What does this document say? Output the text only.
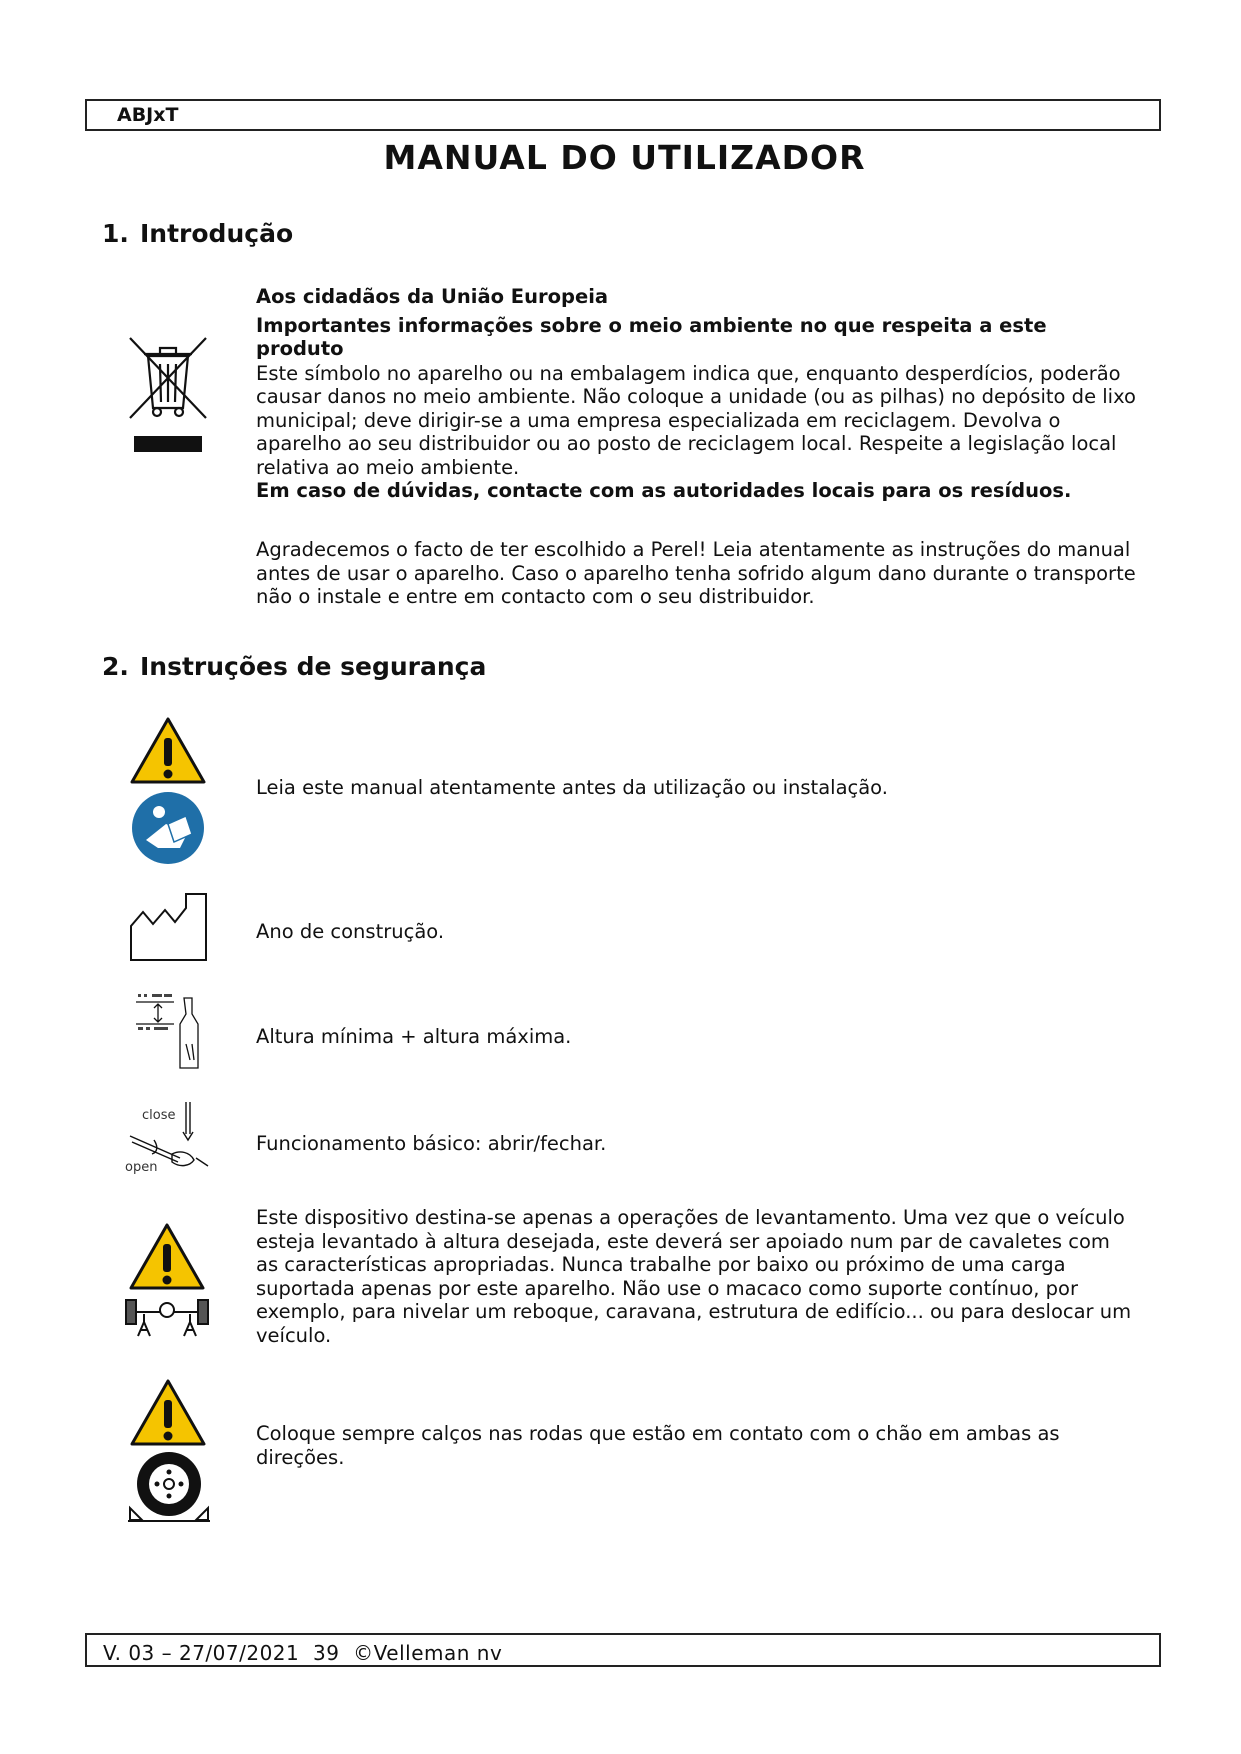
ABJxT
MANUAL DO UTILIZADOR
1. Introdução

Aos cidadãos da União Europeia

Importantes informações sobre o meio ambiente no que respeita a este produto

Este símbolo no aparelho ou na embalagem indica que, enquanto desperdícios, poderão causar danos no meio ambiente. Não coloque a unidade (ou as pilhas) no depósito de lixo municipal; deve dirigir-se a uma empresa especializada em reciclagem. Devolva o aparelho ao seu distribuidor ou ao posto de reciclagem local. Respeite a legislação local relativa ao meio ambiente.

Em caso de dúvidas, contacte com as autoridades locais para os resíduos.

Agradecemos o facto de ter escolhido a Perel! Leia atentamente as instruções do manual antes de usar o aparelho. Caso o aparelho tenha sofrido algum dano durante o transporte não o instale e entre em contacto com o seu distribuidor.
2. Instruções de segurança
Leia este manual atentamente antes da utilização ou instalação.
Ano de construção.
Altura mínima + altura máxima.
close
open
Funcionamento básico: abrir/fechar.
Este dispositivo destina-se apenas a operações de levantamento. Uma vez que o veículo esteja levantado à altura desejada, este deverá ser apoiado num par de cavaletes com as características apropriadas. Nunca trabalhe por baixo ou próximo de uma carga suportada apenas por este aparelho. Não use o macaco como suporte contínuo, por exemplo, para nivelar um reboque, caravana, estrutura de edifício... ou para deslocar um veículo.
Coloque sempre calços nas rodas que estão em contato com o chão em ambas as direções.
V. 03 – 27/07/2021 39 ©Velleman nv
